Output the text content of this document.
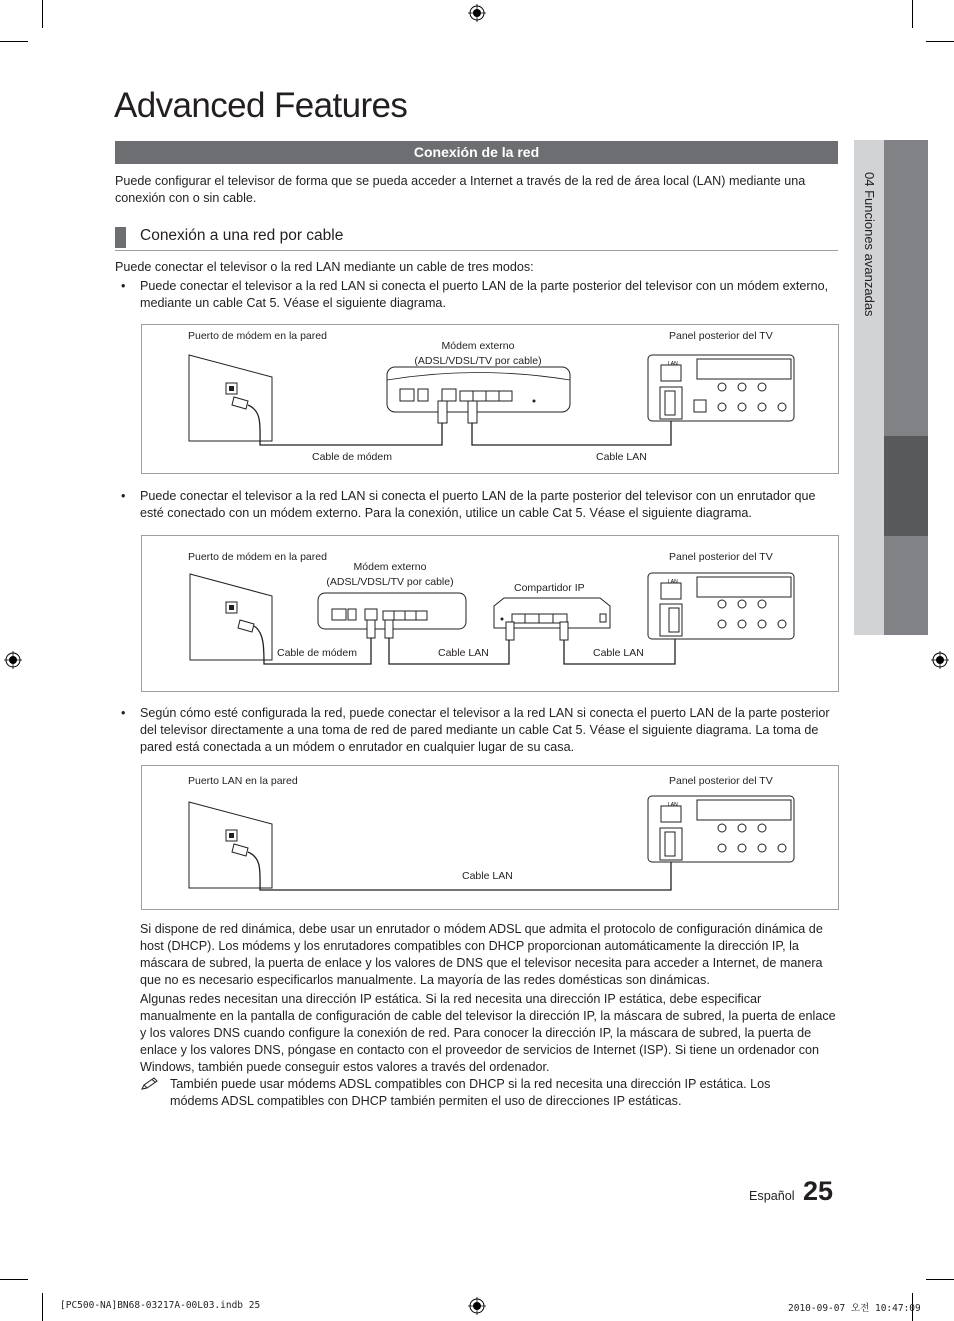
04 Funciones avanzadas
Advanced Features
Conexión de la red
Puede configurar el televisor de forma que se pueda acceder a Internet a través de la red de área local (LAN) mediante una conexión con o sin cable.
Conexión a una red por cable
Puede conectar el televisor o la red LAN mediante un cable de tres modos:
• Puede conectar el televisor a la red LAN si conecta el puerto LAN de la parte posterior del televisor con un módem externo, mediante un cable Cat 5. Véase el siguiente diagrama.
LAN
Puerto de módem en la pared
Módem externo
(ADSL/VDSL/TV por cable)
Panel posterior del TV
Cable de módem	Cable LAN
• Puede conectar el televisor a la red LAN si conecta el puerto LAN de la parte posterior del televisor con un enrutador que esté conectado con un módem externo. Para la conexión, utilice un cable Cat 5. Véase el siguiente diagrama.
LAN
Puerto de módem en la pared
Módem externo
(ADSL/VDSL/TV por cable)	Compartidor IP
Panel posterior del TV
Cable de módem	Cable LAN	Cable LAN
• Según cómo esté configurada la red, puede conectar el televisor a la red LAN si conecta el puerto LAN de la parte posterior del televisor directamente a una toma de red de pared mediante un cable Cat 5. Véase el siguiente diagrama. La toma de pared está conectada a un módem o enrutador en cualquier lugar de su casa.
LAN
Puerto LAN en la pared	Panel posterior del TV
Cable LAN
Si dispone de red dinámica, debe usar un enrutador o módem ADSL que admita el protocolo de configuración dinámica de host (DHCP). Los módems y los enrutadores compatibles con DHCP proporcionan automáticamente la dirección IP, la máscara de subred, la puerta de enlace y los valores de DNS que el televisor necesita para acceder a Internet, de manera que no es necesario especificarlos manualmente. La mayoría de las redes domésticas son dinámicas.
Algunas redes necesitan una dirección IP estática. Si la red necesita una dirección IP estática, debe especificar manualmente en la pantalla de configuración de cable del televisor la dirección IP, la máscara de subred, la puerta de enlace y los valores DNS cuando configure la conexión de red. Para conocer la dirección IP, la máscara de subred, la puerta de enlace y los valores DNS, póngase en contacto con el proveedor de servicios de Internet (ISP). Si tiene un ordenador con Windows, también puede conseguir estos valores a través del ordenador.
También puede usar módems ADSL compatibles con DHCP si la red necesita una dirección IP estática. Los módems ADSL compatibles con DHCP también permiten el uso de direcciones IP estáticas.
Español 25
[PC500-NA]BN68-03217A-00L03.indb 25	2010-09-07 오전 10:47:09
